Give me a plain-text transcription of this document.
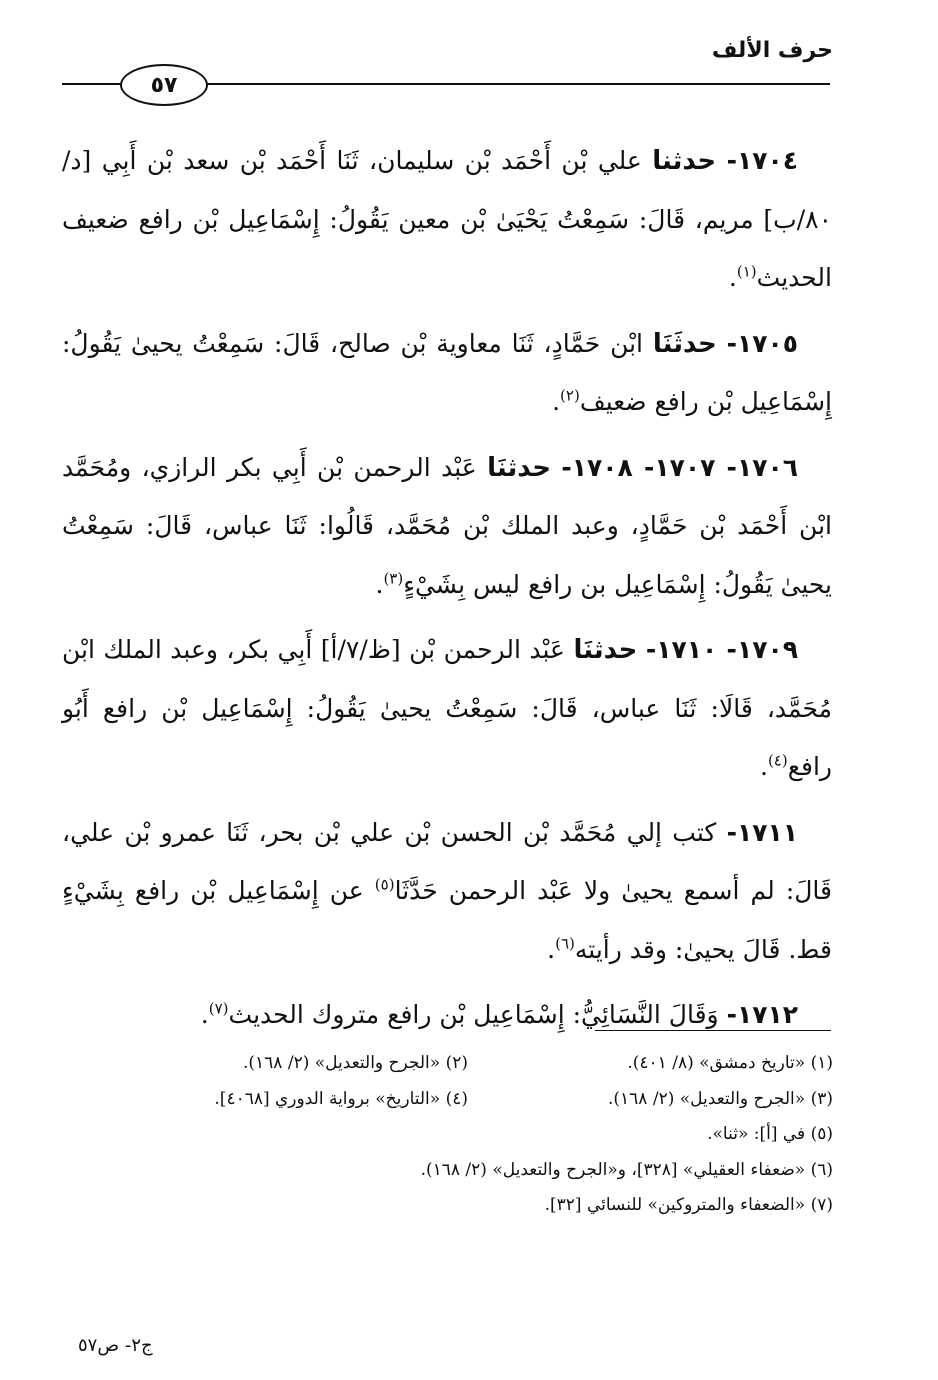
حرف الألف
٥٧

١٧٠٤- حدثنا علي بْن أَحْمَد بْن سليمان، ثَنَا أَحْمَد بْن سعد بْن أَبِي [د/٨٠/ب] مريم، قَالَ: سَمِعْتُ يَحْيَىٰ بْن معين يَقُولُ: إِسْمَاعِيل بْن رافع ضعيف الحديث$^{(١)}$.

١٧٠٥- حدثَنَا ابْن حَمَّادٍ، ثَنَا معاوية بْن صالح، قَالَ: سَمِعْتُ يحيىٰ يَقُولُ: إِسْمَاعِيل بْن رافع ضعيف$^{(٢)}$.

١٧٠٦- ١٧٠٧- ١٧٠٨- حدثنَا عَبْد الرحمن بْن أَبِي بكر الرازي، ومُحَمَّد ابْن أَحْمَد بْن حَمَّادٍ، وعبد الملك بْن مُحَمَّد، قَالُوا: ثَنَا عباس، قَالَ: سَمِعْتُ يحيىٰ يَقُولُ: إِسْمَاعِيل بن رافع ليس بِشَيْءٍ$^{(٣)}$.

١٧٠٩- ١٧١٠- حدثنَا عَبْد الرحمن بْن [ظ/٧/أ] أَبِي بكر، وعبد الملك ابْن مُحَمَّد، قَالَا: ثَنَا عباس، قَالَ: سَمِعْتُ يحيىٰ يَقُولُ: إِسْمَاعِيل بْن رافع أَبُو رافع$^{(٤)}$.

١٧١١- كتب إلي مُحَمَّد بْن الحسن بْن علي بْن بحر، ثَنَا عمرو بْن علي، قَالَ: لم أسمع يحيىٰ ولا عَبْد الرحمن حَدَّثَا$^{(٥)}$ عن إِسْمَاعِيل بْن رافع بِشَيْءٍ قط. قَالَ يحيىٰ: وقد رأيته$^{(٦)}$.

١٧١٢- وَقَالَ النَّسَائِيُّ: إِسْمَاعِيل بْن رافع متروك الحديث$^{(٧)}$.

(١) «تاريخ دمشق» (٨/ ٤٠١).
(٢) «الجرح والتعديل» (٢/ ١٦٨).
(٣) «الجرح والتعديل» (٢/ ١٦٨).
(٤) «التاريخ» برواية الدوري [٤٠٦٨].
(٥) في [أ]: «ثنا».
(٦) «ضعفاء العقيلي» [٣٢٨]، و«الجرح والتعديل» (٢/ ١٦٨).
(٧) «الضعفاء والمتروكين» للنسائي [٣٢].
ج٢- ص٥٧
